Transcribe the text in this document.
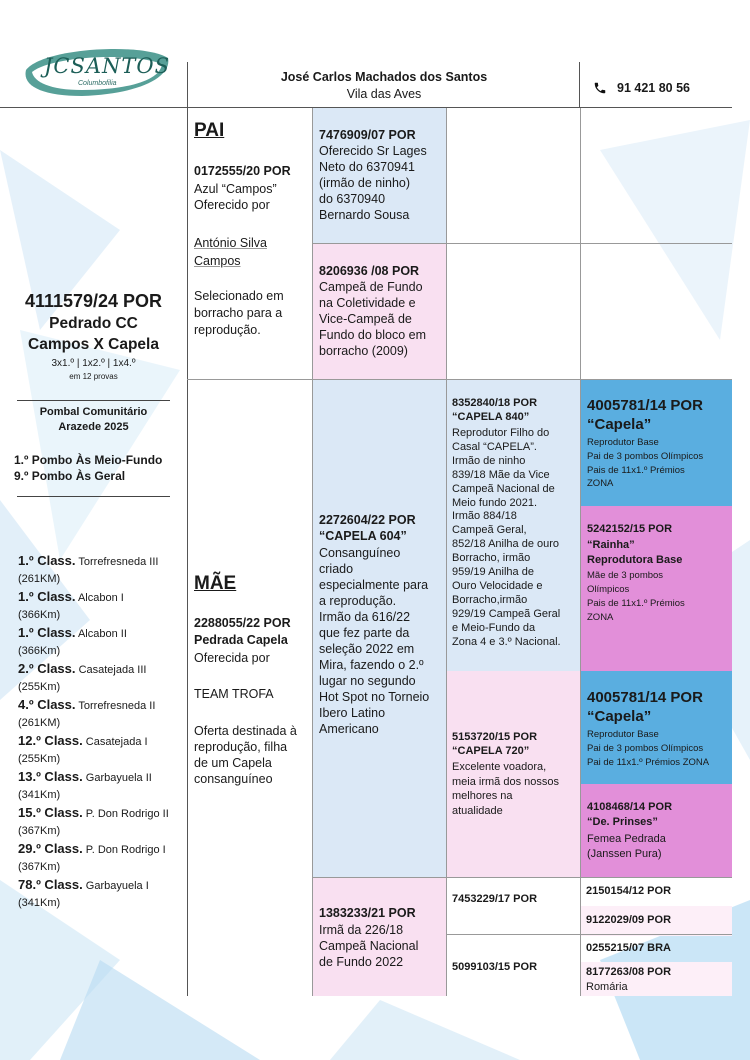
JCSANTOS
Columbofilia	José Carlos Machados dos Santos
Vila das Aves	91 421 80 56
4111579/24 POR
Pedrado CC
Campos X Capela
3x1.º | 1x2.º | 1x4.º
em 12 provas
Pombal Comunitário
Arazede 2025
1.º Pombo Às Meio-Fundo
9.º Pombo Às Geral
1.º Class. Torrefresneda III
(261KM)
1.º Class. Alcabon I
(366Km)
1.º Class. Alcabon II
(366Km)
2.º Class. Casatejada III
(255Km)
4.º Class. Torrefresneda II
(261KM)
12.º Class. Casatejada I
(255Km)
13.º Class. Garbayuela II
(341Km)
15.º Class. P. Don Rodrigo II
(367Km)
29.º Class. P. Don Rodrigo I
(367Km)
78.º Class. Garbayuela I
(341Km)
PAI
0172555/20 POR
Azul “Campos”
Oferecido por
António Silva
Campos
Selecionado em
borracho para a
reprodução.
7476909/07 POR
Oferecido Sr Lages
Neto do 6370941
(irmão de ninho)
do 6370940
Bernardo Sousa
8206936 /08 POR
Campeã de Fundo
na Coletividade e
Vice-Campeã de
Fundo do bloco em
borracho (2009)
MÃE
2288055/22 POR
Pedrada Capela
Oferecida por
TEAM TROFA
Oferta destinada à
reprodução, filha
de um Capela
consanguíneo
2272604/22 POR
“CAPELA 604”
Consanguíneo
criado
especialmente para
a reprodução.
Irmão da 616/22
que fez parte da
seleção 2022 em
Mira, fazendo o 2.º
lugar no segundo
Hot Spot no Torneio
Ibero Latino
Americano
1383233/21 POR
Irmã da 226/18
Campeã Nacional
de Fundo 2022
8352840/18 POR
“CAPELA 840”
Reprodutor Filho do
Casal “CAPELA”.
Irmão de ninho
839/18 Mãe da Vice
Campeã Nacional de
Meio fundo 2021.
Irmão 884/18
Campeã Geral,
852/18 Anilha de ouro
Borracho, irmão
959/19 Anilha de
Ouro Velocidade e
Borracho,irmão
929/19 Campeã Geral
e Meio-Fundo da
Zona 4 e 3.º Nacional.
5153720/15 POR
“CAPELA 720”
Excelente voadora,
meia irmã dos nossos
melhores na
atualidade
7453229/17 POR
5099103/15 POR
4005781/14 POR
“Capela”
Reprodutor Base
Pai de 3 pombos Olímpicos
Pais de 11x1.º Prémios
ZONA
5242152/15 POR
“Rainha”
Reprodutora Base
Mãe de 3 pombos
Olímpicos
Pais de 11x1.º Prémios
ZONA
4005781/14 POR
“Capela”
Reprodutor Base
Pai de 3 pombos Olímpicos
Pai de 11x1.º Prémios ZONA
4108468/14 POR
“De. Prinses”
Femea Pedrada
(Janssen Pura)
2150154/12 POR
9122029/09 POR
0255215/07 BRA
8177263/08 POR
Romária
